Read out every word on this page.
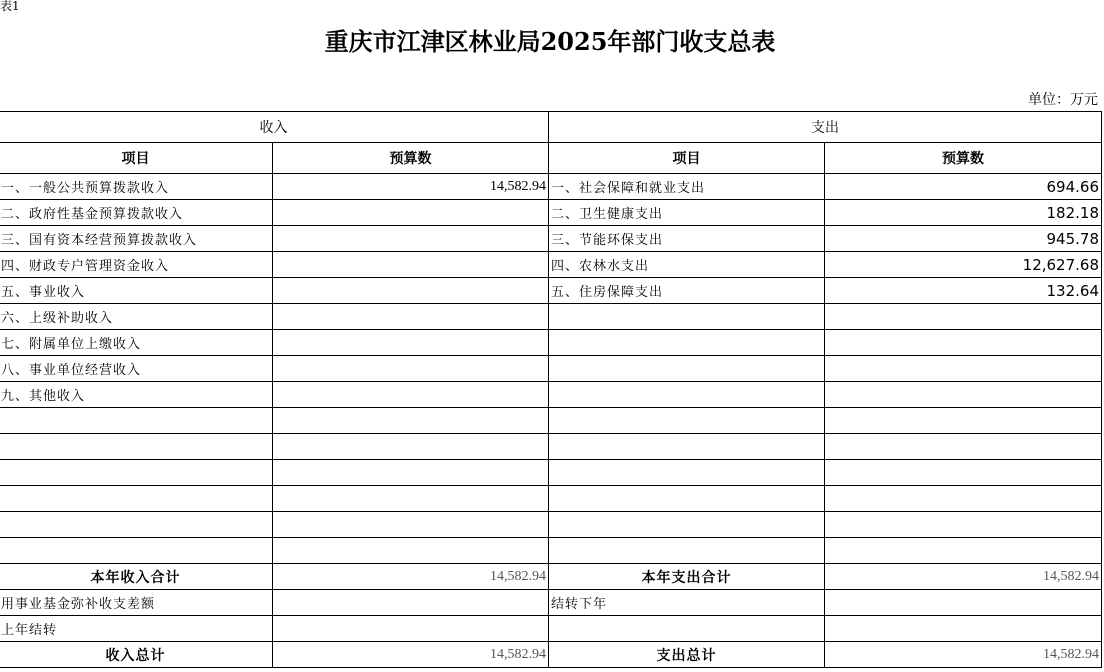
表1
重庆市江津区林业局2025年部门收支总表
单位：万元
收入		支出	
项目	预算数	项目	预算数
一、一般公共预算拨款收入	14,582.94	一、社会保障和就业支出	694.66
二、政府性基金预算拨款收入		二、卫生健康支出	182.18
三、国有资本经营预算拨款收入		三、节能环保支出	945.78
四、财政专户管理资金收入		四、农林水支出	12,627.68
五、事业收入		五、住房保障支出	132.64
六、上级补助收入			
七、附属单位上缴收入			
八、事业单位经营收入			
九、其他收入			

本年收入合计	14,582.94	本年支出合计	14,582.94
用事业基金弥补收支差额		结转下年	
上年结转			
收入总计	14,582.94	支出总计	14,582.94
